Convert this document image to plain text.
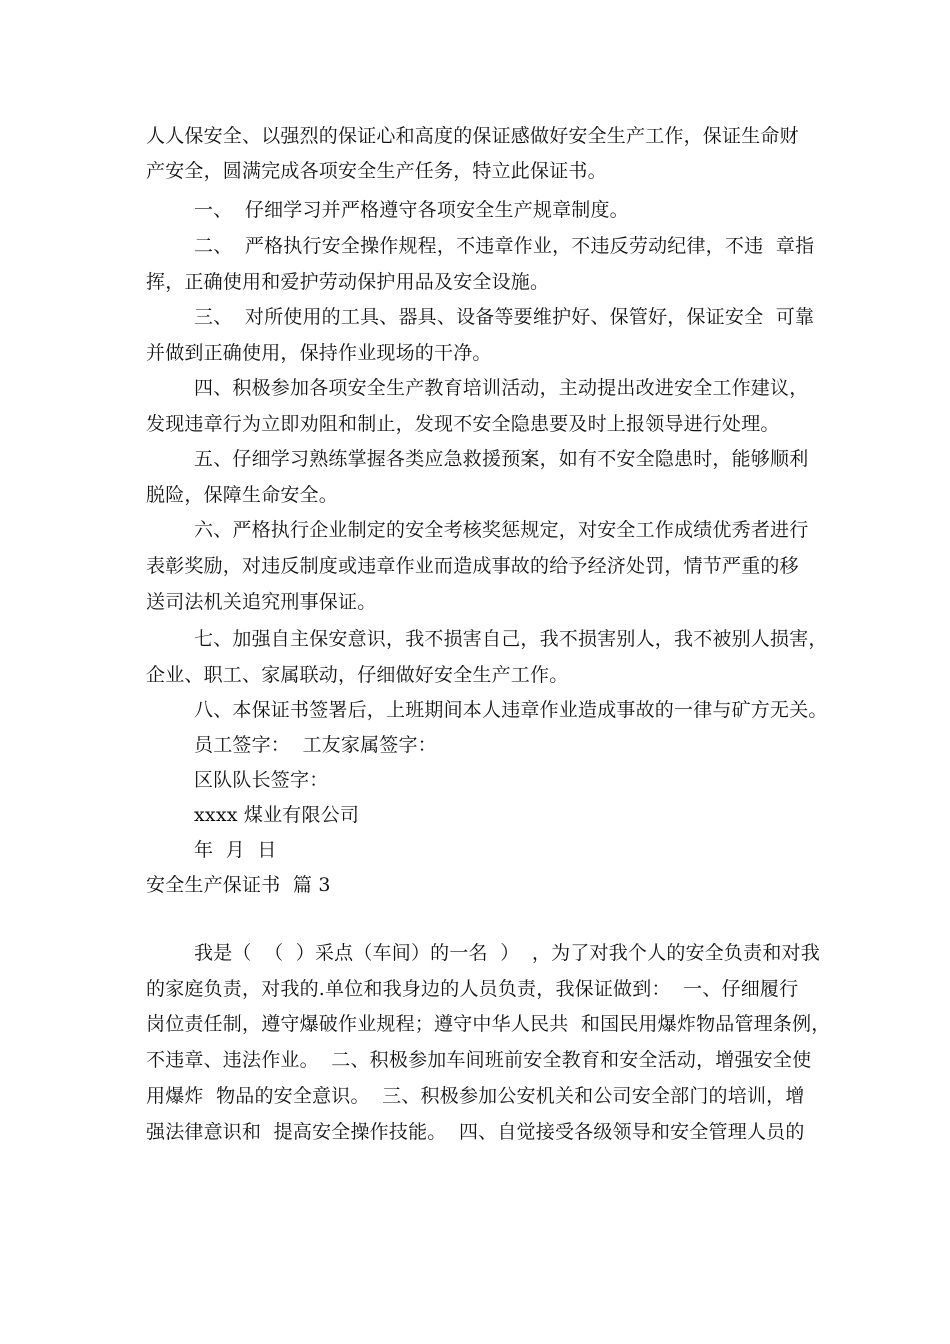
人人保安全、以强烈的保证心和高度的保证感做好安全生产工作，保证生命财
产安全，圆满完成各项安全生产任务，特立此保证书。
一、  仔细学习并严格遵守各项安全生产规章制度。
二、  严格执行安全操作规程，不违章作业，不违反劳动纪律，不违  章指
挥，正确使用和爱护劳动保护用品及安全设施。
三、  对所使用的工具、器具、设备等要维护好、保管好，保证安全  可靠
并做到正确使用，保持作业现场的干净。
四、积极参加各项安全生产教育培训活动，主动提出改进安全工作建议，
发现违章行为立即劝阻和制止，发现不安全隐患要及时上报领导进行处理。
五、仔细学习熟练掌握各类应急救援预案，如有不安全隐患时，能够顺利
脱险，保障生命安全。
六、严格执行企业制定的安全考核奖惩规定，对安全工作成绩优秀者进行
表彰奖励，对违反制度或违章作业而造成事故的给予经济处罚，情节严重的移
送司法机关追究刑事保证。
七、加强自主保安意识，我不损害自己，我不损害别人，我不被别人损害，
企业、职工、家属联动，仔细做好安全生产工作。
八、本保证书签署后，上班期间本人违章作业造成事故的一律与矿方无关。
员工签字：  工友家属签字：
区队队长签字：
xxxx 煤业有限公司
年  月  日
安全生产保证书  篇 3
我是（  （  ）采点（车间）的一名  ）  ，为了对我个人的安全负责和对我
的家庭负责，对我的.单位和我身边的人员负责，我保证做到：  一、仔细履行
岗位责任制，遵守爆破作业规程；遵守中华人民共  和国民用爆炸物品管理条例，
不违章、违法作业。  二、积极参加车间班前安全教育和安全活动，增强安全使
用爆炸  物品的安全意识。  三、积极参加公安机关和公司安全部门的培训，增
强法律意识和  提高安全操作技能。  四、自觉接受各级领导和安全管理人员的
